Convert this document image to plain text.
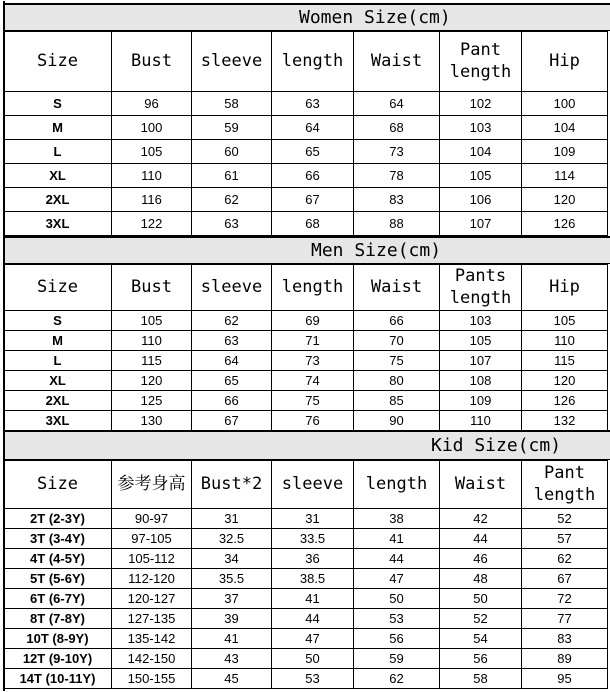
Women Size(cm)
Size	Bust	sleeve	length	Waist	Pant length	Hip
S	96	58	63	64	102	100
M	100	59	64	68	103	104
L	105	60	65	73	104	109
XL	110	61	66	78	105	114
2XL	116	62	67	83	106	120
3XL	122	63	68	88	107	126
Men Size(cm)
Size	Bust	sleeve	length	Waist	Pants length	Hip
S	105	62	69	66	103	105
M	110	63	71	70	105	110
L	115	64	73	75	107	115
XL	120	65	74	80	108	120
2XL	125	66	75	85	109	126
3XL	130	67	76	90	110	132
Kid Size(cm)
Size	参考身高	Bust*2	sleeve	length	Waist	Pant length
2T (2-3Y)	90-97	31	31	38	42	52
3T (3-4Y)	97-105	32.5	33.5	41	44	57
4T (4-5Y)	105-112	34	36	44	46	62
5T (5-6Y)	112-120	35.5	38.5	47	48	67
6T (6-7Y)	120-127	37	41	50	50	72
8T (7-8Y)	127-135	39	44	53	52	77
10T (8-9Y)	135-142	41	47	56	54	83
12T (9-10Y)	142-150	43	50	59	56	89
14T (10-11Y)	150-155	45	53	62	58	95
